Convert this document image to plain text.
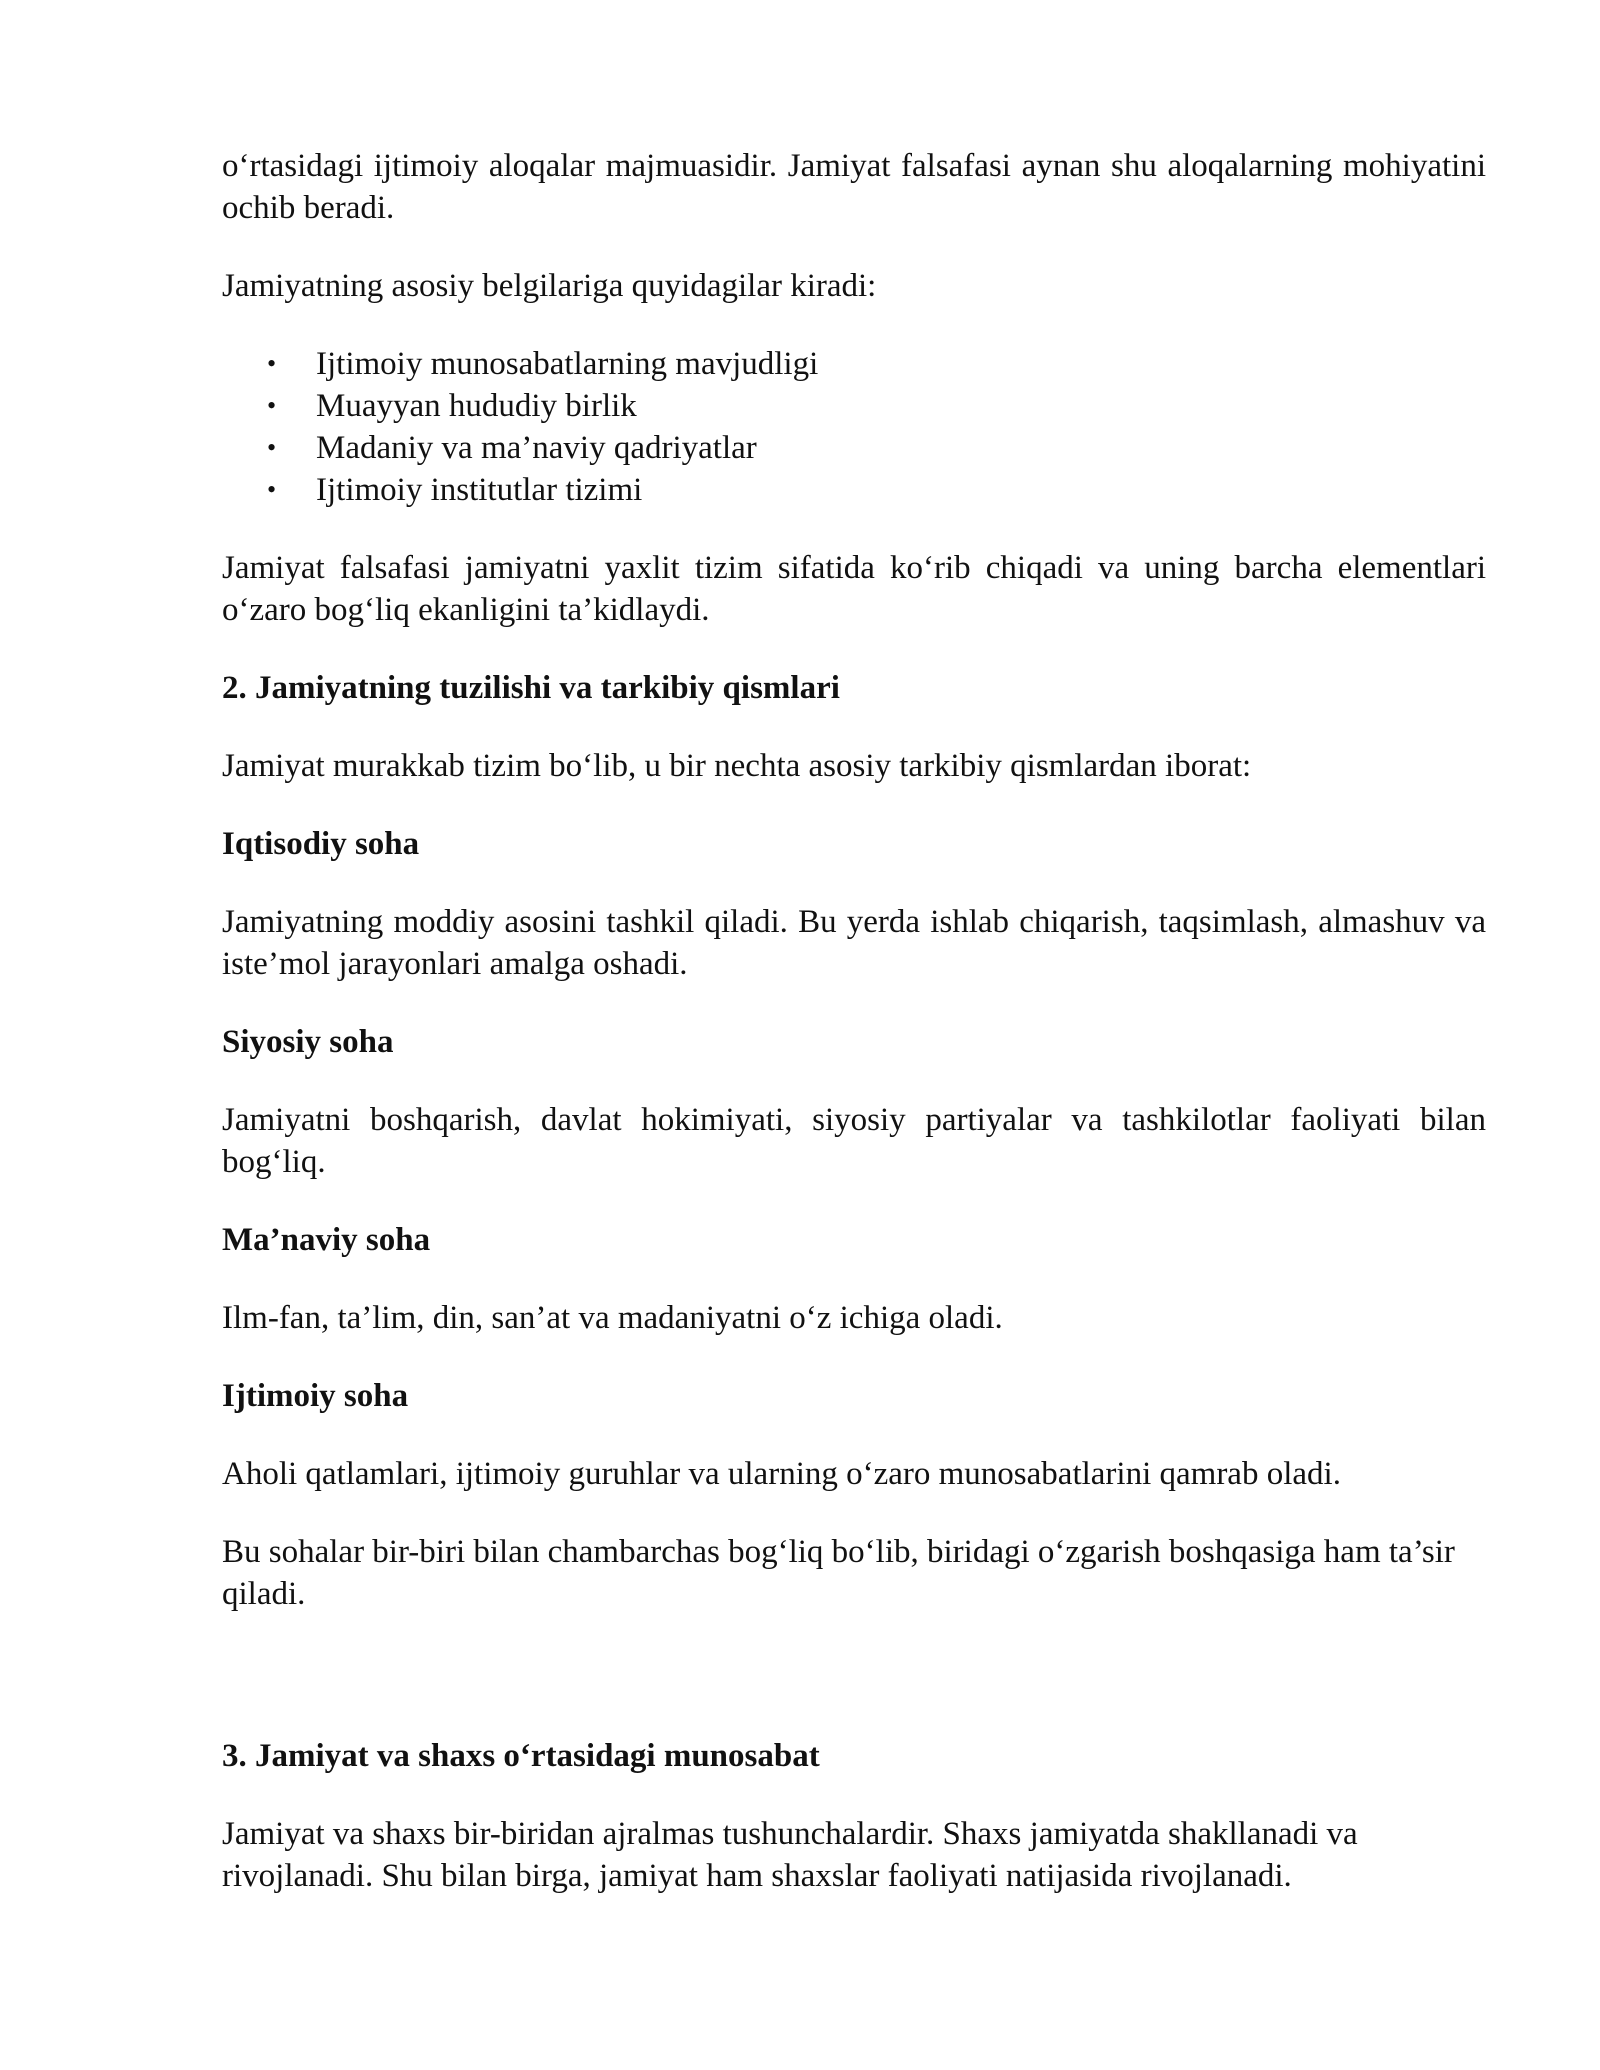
o‘rtasidagi ijtimoiy aloqalar majmuasidir. Jamiyat falsafasi aynan shu aloqalarning mohiyatini ochib beradi.

Jamiyatning asosiy belgilariga quyidagilar kiradi:

• Ijtimoiy munosabatlarning mavjudligi
• Muayyan hududiy birlik
• Madaniy va ma’naviy qadriyatlar
• Ijtimoiy institutlar tizimi

Jamiyat falsafasi jamiyatni yaxlit tizim sifatida ko‘rib chiqadi va uning barcha elementlari o‘zaro bog‘liq ekanligini ta’kidlaydi.

2. Jamiyatning tuzilishi va tarkibiy qismlari

Jamiyat murakkab tizim bo‘lib, u bir nechta asosiy tarkibiy qismlardan iborat:

Iqtisodiy soha

Jamiyatning moddiy asosini tashkil qiladi. Bu yerda ishlab chiqarish, taqsimlash, almashuv va iste’mol jarayonlari amalga oshadi.

Siyosiy soha

Jamiyatni boshqarish, davlat hokimiyati, siyosiy partiyalar va tashkilotlar faoliyati bilan bog‘liq.

Ma’naviy soha

Ilm-fan, ta’lim, din, san’at va madaniyatni o‘z ichiga oladi.

Ijtimoiy soha

Aholi qatlamlari, ijtimoiy guruhlar va ularning o‘zaro munosabatlarini qamrab oladi.

Bu sohalar bir-biri bilan chambarchas bog‘liq bo‘lib, biridagi o‘zgarish boshqasiga ham ta’sir qiladi.

3. Jamiyat va shaxs o‘rtasidagi munosabat

Jamiyat va shaxs bir-biridan ajralmas tushunchalardir. Shaxs jamiyatda shakllanadi va rivojlanadi. Shu bilan birga, jamiyat ham shaxslar faoliyati natijasida rivojlanadi.
